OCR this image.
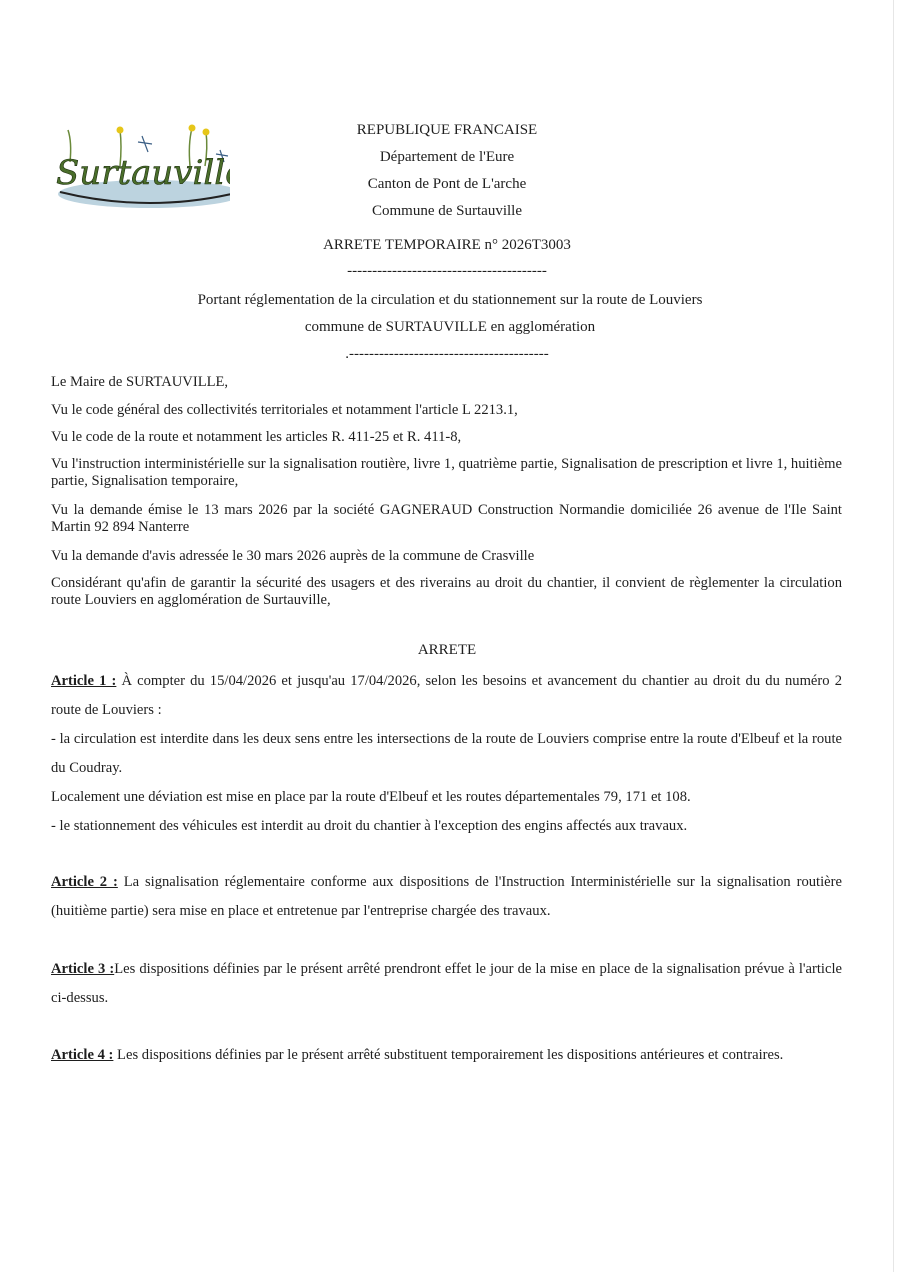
Surtauville
REPUBLIQUE FRANCAISE
Département de l'Eure
Canton de Pont de L'arche
Commune de Surtauville
ARRETE TEMPORAIRE n° 2026T3003
----------------------------------------
Portant réglementation de la circulation et du stationnement sur la route de Louviers
commune de SURTAUVILLE en agglomération
.----------------------------------------
Le Maire de SURTAUVILLE,
Vu le code général des collectivités territoriales et notamment l'article L 2213.1,
Vu le code de la route et notamment les articles R. 411-25 et R. 411-8,
Vu l'instruction interministérielle sur la signalisation routière, livre 1, quatrième partie, Signalisation de prescription et livre 1, huitième partie, Signalisation temporaire,
Vu la demande émise le 13 mars 2026 par la société GAGNERAUD Construction Normandie domiciliée 26 avenue de l'Ile Saint Martin 92 894 Nanterre
Vu la demande d'avis adressée le 30 mars 2026 auprès de la commune de Crasville
Considérant qu'afin de garantir la sécurité des usagers et des riverains au droit du chantier, il convient de règlementer la circulation route Louviers en agglomération de Surtauville,
ARRETE
Article 1 : À compter du 15/04/2026 et jusqu'au 17/04/2026, selon les besoins et avancement du chantier au droit du du numéro 2 route de Louviers :
- la circulation est interdite dans les deux sens entre les intersections de la route de Louviers comprise entre la route d'Elbeuf et la route du Coudray.
Localement une déviation est mise en place par la route d'Elbeuf et les routes départementales 79, 171 et 108.
- le stationnement des véhicules est interdit au droit du chantier à l'exception des engins affectés aux travaux.
Article 2 : La signalisation réglementaire conforme aux dispositions de l'Instruction Interministérielle sur la signalisation routière (huitième partie) sera mise en place et entretenue par l'entreprise chargée des travaux.
Article 3 :Les dispositions définies par le présent arrêté prendront effet le jour de la mise en place de la signalisation prévue à l'article ci-dessus.
Article 4 : Les dispositions définies par le présent arrêté substituent temporairement les dispositions antérieures et contraires.
